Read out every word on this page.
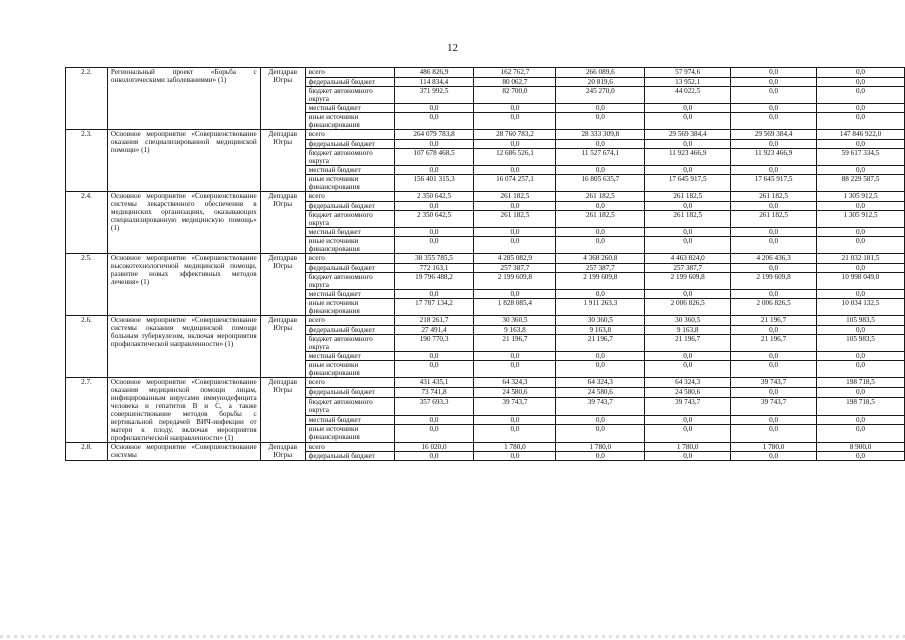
12
2.2.	Региональный проект «Борьба с онкологическими заболеваниями» (1)	Депздрав Югры	всего	486 826,9	162 762,7	266 089,6	57 974,6	0,0	0,0
			федеральный бюджет	114 834,4	80 062,7	20 819,6	13 952,1	0,0	0,0
			бюджет автономного округа	371 992,5	82 700,0	245 270,0	44 022,5	0,0	0,0
			местный бюджет	0,0	0,0	0,0	0,0	0,0	0,0
			иные источники финансирования	0,0	0,0	0,0	0,0	0,0	0,0
2.3.	Основное мероприятие «Совершенствование оказания специализированной медицинской помощи» (1)	Депздрав Югры	всего	264 079 783,8	28 760 783,2	28 333 309,8	29 569 384,4	29 569 384,4	147 846 922,0
			федеральный бюджет	0,0	0,0	0,0	0,0	0,0	0,0
			бюджет автономного округа	107 678 468,5	12 686 526,1	11 527 674,1	11 923 466,9	11 923 466,9	59 617 334,5
			местный бюджет	0,0	0,0	0,0	0,0	0,0	0,0
			иные источники финансирования	156 401 315,3	16 074 257,1	16 805 635,7	17 645 917,5	17 645 917,5	88 229 587,5
2.4.	Основное мероприятие «Совершенствование системы лекарственного обеспечения в медицинских организациях, оказывающих специализированную медицинскую помощь» (1)	Депздрав Югры	всего	2 350 642,5	261 182,5	261 182,5	261 182,5	261 182,5	1 305 912,5
			федеральный бюджет	0,0	0,0	0,0	0,0	0,0	0,0
			бюджет автономного округа	2 350 642,5	261 182,5	261 182,5	261 182,5	261 182,5	1 305 912,5
			местный бюджет	0,0	0,0	0,0	0,0	0,0	0,0
			иные источники финансирования	0,0	0,0	0,0	0,0	0,0	0,0
2.5.	Основное мероприятие «Совершенствование высокотехнологичной медицинской помощи, развитие новых эффективных методов лечения» (1)	Депздрав Югры	всего	38 355 785,5	4 285 082,9	4 368 260,8	4 463 824,0	4 206 436,3	21 032 181,5
			федеральный бюджет	772 163,1	257 387,7	257 387,7	257 387,7	0,0	0,0
			бюджет автономного округа	19 796 488,2	2 199 609,8	2 199 609,8	2 199 609,8	2 199 609,8	10 998 049,0
			местный бюджет	0,0	0,0	0,0	0,0	0,0	0,0
			иные источники финансирования	17 787 134,2	1 828 085,4	1 911 263,3	2 006 826,5	2 006 826,5	10 034 132,5
2.6.	Основное мероприятие «Совершенствование системы оказания медицинской помощи больным туберкулезом, включая мероприятия профилактической направленности» (1)	Депздрав Югры	всего	218 261,7	30 360,5	30 360,5	30 360,5	21 196,7	105 983,5
			федеральный бюджет	27 491,4	9 163,8	9 163,8	9 163,8	0,0	0,0
			бюджет автономного округа	190 770,3	21 196,7	21 196,7	21 196,7	21 196,7	105 983,5
			местный бюджет	0,0	0,0	0,0	0,0	0,0	0,0
			иные источники финансирования	0,0	0,0	0,0	0,0	0,0	0,0
2.7.	Основное мероприятие «Совершенствование оказания медицинской помощи лицам, инфицированным вирусами иммунодефицита человека и гепатитов В и С, а также совершенствование методов борьбы с вертикальной передачей ВИЧ-инфекции от матери к плоду, включая мероприятия профилактической направленности» (1)	Депздрав Югры	всего	431 435,1	64 324,3	64 324,3	64 324,3	39 743,7	198 718,5
			федеральный бюджет	73 741,8	24 580,6	24 580,6	24 580,6	0,0	0,0
			бюджет автономного округа	357 693,3	39 743,7	39 743,7	39 743,7	39 743,7	198 718,5
			местный бюджет	0,0	0,0	0,0	0,0	0,0	0,0
			иные источники финансирования	0,0	0,0	0,0	0,0	0,0	0,0
2.8.	Основное мероприятие «Совершенствование системы	Депздрав Югры	всего	16 020,0	1 780,0	1 780,0	1 780,0	1 780,0	8 900,0
			федеральный бюджет	0,0	0,0	0,0	0,0	0,0	0,0
